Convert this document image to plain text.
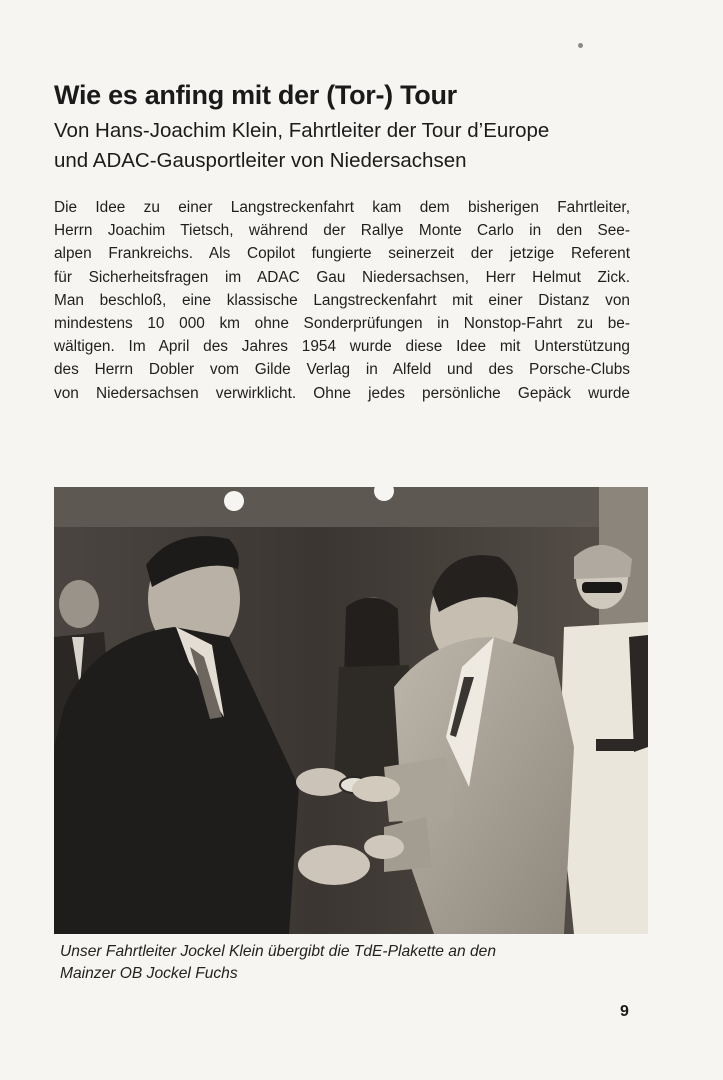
Wie es anfing mit der (Tor-) Tour
Von Hans-Joachim Klein, Fahrtleiter der Tour d’Europe
und ADAC-Gausportleiter von Niedersachsen
Die Idee zu einer Langstreckenfahrt kam dem bisherigen Fahrtleiter,
Herrn Joachim Tietsch, während der Rallye Monte Carlo in den See-
alpen Frankreichs. Als Copilot fungierte seinerzeit der jetzige Referent
für Sicherheitsfragen im ADAC Gau Niedersachsen, Herr Helmut Zick.
Man beschloß, eine klassische Langstreckenfahrt mit einer Distanz von
mindestens 10 000 km ohne Sonderprüfungen in Nonstop-Fahrt zu be-
wältigen. Im April des Jahres 1954 wurde diese Idee mit Unterstützung
des Herrn Dobler vom Gilde Verlag in Alfeld und des Porsche-Clubs
von Niedersachsen verwirklicht. Ohne jedes persönliche Gepäck wurde
Unser Fahrtleiter Jockel Klein übergibt die TdE-Plakette an den
Mainzer OB Jockel Fuchs
9
